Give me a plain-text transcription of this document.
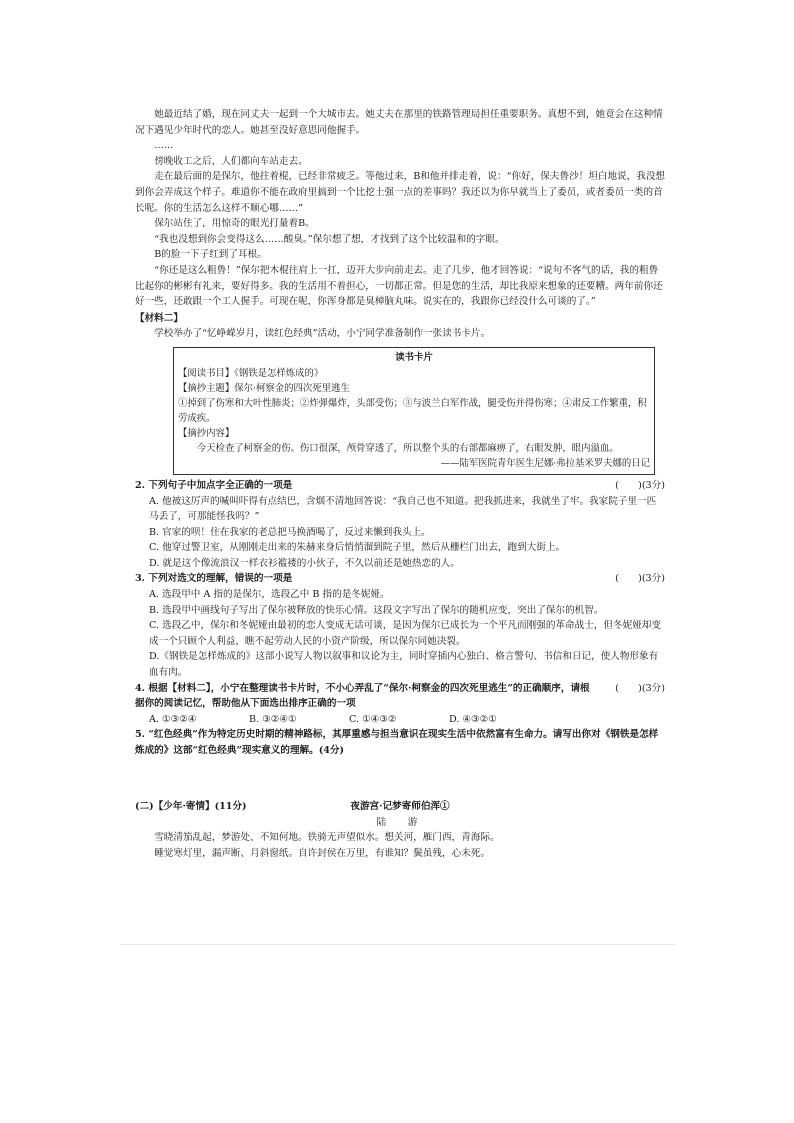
她最近结了婚，现在同丈夫一起到一个大城市去。她丈夫在那里的铁路管理局担任重要职务。真想不到，她竟会在这种情况下遇见少年时代的恋人。她甚至没好意思同他握手。

……

傍晚收工之后，人们都向车站走去。

走在最后面的是保尔，他拄着棍，已经非常疲乏。等他过来，B和他并排走着，说：“你好，保夫鲁沙！坦白地说，我没想到你会弄成这个样子。难道你不能在政府里搞到一个比挖土强一点的差事吗？我还以为你早就当上了委员，或者委员一类的首长呢。你的生活怎么这样不顺心哪……”

保尔站住了，用惊奇的眼光打量着B。

“我也没想到你会变得这么……酸臭。”保尔想了想，才找到了这个比较温和的字眼。

B的脸一下子红到了耳根。

“你还是这么粗鲁！”保尔把木棍往肩上一扛，迈开大步向前走去。走了几步，他才回答说：“说句不客气的话，我的粗鲁比起你的彬彬有礼来，要好得多。我的生活用不着担心，一切都正常。但是您的生活，却比我原来想象的还要糟。两年前你还好一些，还敢跟一个工人握手。可现在呢，你浑身都是臭樟脑丸味。说实在的，我跟你已经没什么可谈的了。”

【材料二】

学校举办了“忆峥嵘岁月，读红色经典”活动，小宁同学准备制作一张读书卡片。

读书卡片
【阅读书目】《钢铁是怎样炼成的》
【摘抄主题】保尔·柯察金的四次死里逃生
①掉到了伤寒和大叶性肺炎；②炸弹爆炸，头部受伤；③与波兰白军作战，腿受伤并得伤寒；④肃反工作繁重，积劳成疾。
【摘抄内容】
今天检查了柯察金的伤。伤口很深，颅骨穿透了，所以整个头的右部都麻痹了，右眼发肿，眼内溢血。
——陆军医院青年医生尼娜·弗拉基米罗夫娜的日记
2. 下列句子中加点字全正确的一项是	(　　)(3分)

A. 他被这厉声的喊叫吓得有点结巴，含烟不清地回答说：“我自己也不知道。把我抓进来，我就坐了牢。我家院子里一匹马丢了，可那能怪我吗？”

B. 官家的呗！住在我家的老总把马换酒喝了，反过来懒到我头上。

C. 他穿过警卫室，从刚刚走出来的朱赫来身后悄悄溜到院子里，然后从栅栏门出去，跑到大街上。

D. 就是这个像流浪汉一样衣衫褴褛的小伙子，不久以前还是她热恋的人。

3. 下列对选文的理解，错误的一项是	(　　)(3分)

A. 选段甲中 A 指的是保尔，选段乙中 B 指的是冬妮娅。

B. 选段甲中画线句子写出了保尔被释放的快乐心情。这段文字写出了保尔的随机应变，突出了保尔的机智。

C. 选段乙中，保尔和冬妮娅由最初的恋人变成无话可谈，是因为保尔已成长为一个平凡而刚强的革命战士，但冬妮娅却变成一个只顾个人利益，瞧不起劳动人民的小资产阶级，所以保尔同她决裂。

D.《钢铁是怎样炼成的》这部小说写人物以叙事和议论为主，同时穿插内心独白、格言警句、书信和日记，使人物形象有血有肉。

4. 根据【材料二】，小宁在整理读书卡片时，不小心弄乱了“保尔·柯察金的四次死里逃生”的正确顺序，请根据你的阅读记忆，帮助他从下面选出排序正确的一项

(　　)(3分)
A. ①③②④	B. ③②④①	C. ①④③②	D. ④③②①

5. “红色经典”作为特定历史时期的精神路标，其厚重感与担当意识在现实生活中依然富有生命力。请写出你对《钢铁是怎样炼成的》这部“红色经典”现实意义的理解。(4分)

(二)【少年·寄情】(11分)	夜游宫·记梦寄师伯浑①

陆　游

雪晓清笳乱起，梦游处、不知何地。铁骑无声望似水。想关河，雁门西，青海际。

睡觉寒灯里，漏声断、月斜窗纸。自许封侯在万里，有谁知？鬓虽残，心未死。
